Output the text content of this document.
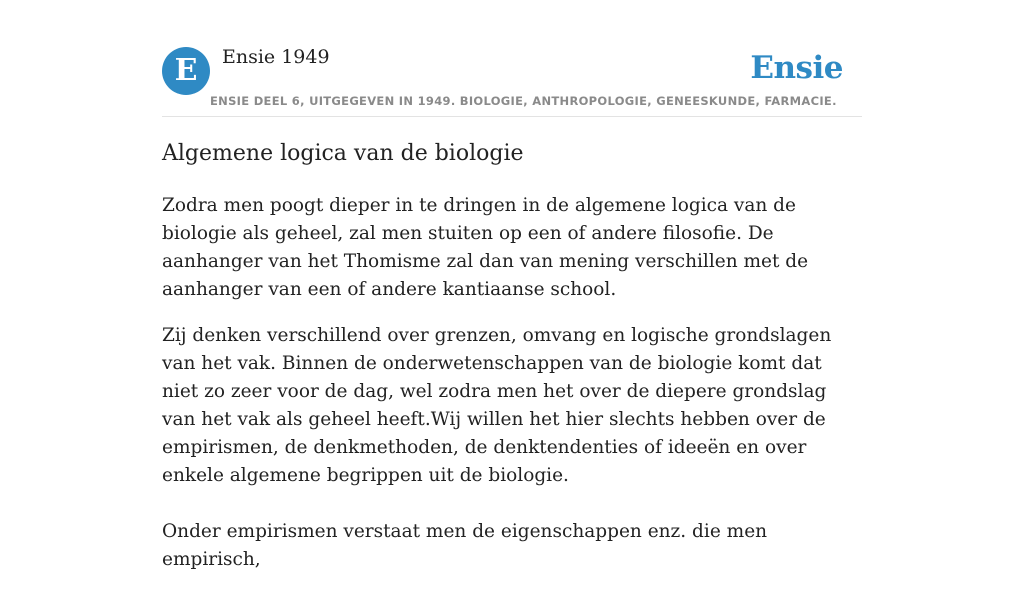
E	Ensie 1949	Ensie
ENSIE DEEL 6, UITGEGEVEN IN 1949. BIOLOGIE, ANTHROPOLOGIE, GENEESKUNDE, FARMACIE.
Algemene logica van de biologie

Zodra men poogt dieper in te dringen in de algemene logica van de biologie als geheel, zal men stuiten op een of andere filosofie. De aanhanger van het Thomisme zal dan van mening verschillen met de aanhanger van een of andere kantiaanse school.

Zij denken verschillend over grenzen, omvang en logische grondslagen van het vak. Binnen de onderwetenschappen van de biologie komt dat niet zo zeer voor de dag, wel zodra men het over de diepere grondslag van het vak als geheel heeft.Wij willen het hier slechts hebben over de empirismen, de denkmethoden, de denktendenties of ideeën en over enkele algemene begrippen uit de biologie.

Onder empirismen verstaat men de eigenschappen enz. die men empirisch,
